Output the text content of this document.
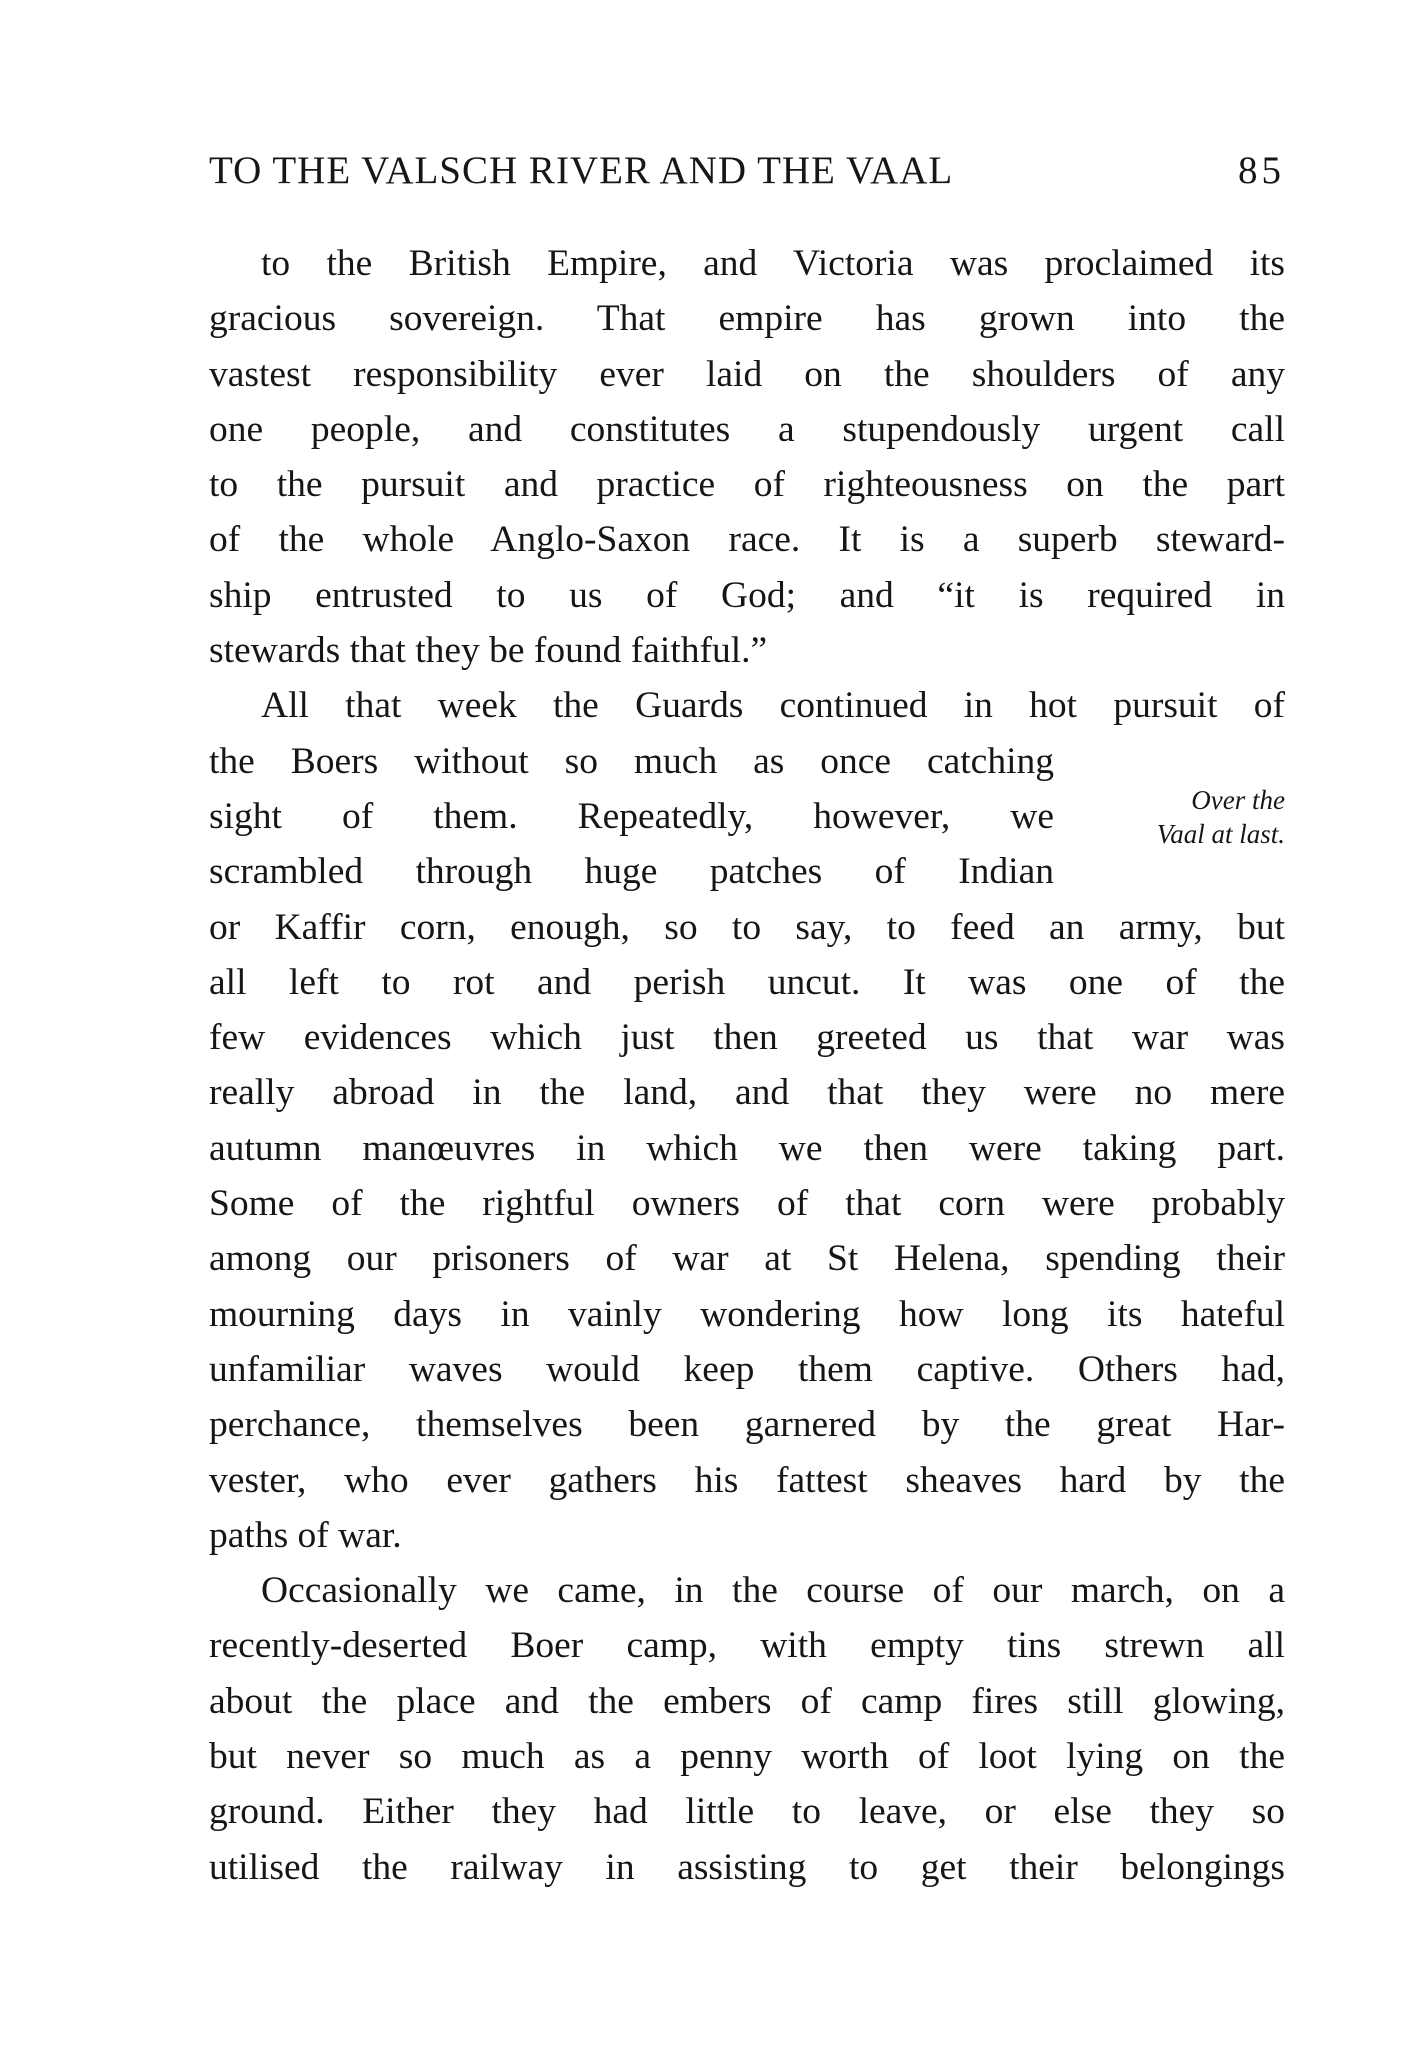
TO THE VALSCH RIVER AND THE VAAL	85
to the British Empire, and Victoria was proclaimed its
gracious sovereign. That empire has grown into the
vastest responsibility ever laid on the shoulders of any
one people, and constitutes a stupendously urgent call
to the pursuit and practice of righteousness on the part
of the whole Anglo-Saxon race. It is a superb steward-
ship entrusted to us of God; and “it is required in
stewards that they be found faithful.”
All that week the Guards continued in hot pursuit of
the Boers without so much as once catching
sight of them. Repeatedly, however, we
scrambled through huge patches of Indian
or Kaffir corn, enough, so to say, to feed an army, but
all left to rot and perish uncut. It was one of the
few evidences which just then greeted us that war was
really abroad in the land, and that they were no mere
autumn manœuvres in which we then were taking part.
Some of the rightful owners of that corn were probably
among our prisoners of war at St Helena, spending their
mourning days in vainly wondering how long its hateful
unfamiliar waves would keep them captive. Others had,
perchance, themselves been garnered by the great Har-
vester, who ever gathers his fattest sheaves hard by the
paths of war.
Occasionally we came, in the course of our march, on a
recently-deserted Boer camp, with empty tins strewn all
about the place and the embers of camp fires still glowing,
but never so much as a penny worth of loot lying on the
ground. Either they had little to leave, or else they so
utilised the railway in assisting to get their belongings
Over the
Vaal at last.
